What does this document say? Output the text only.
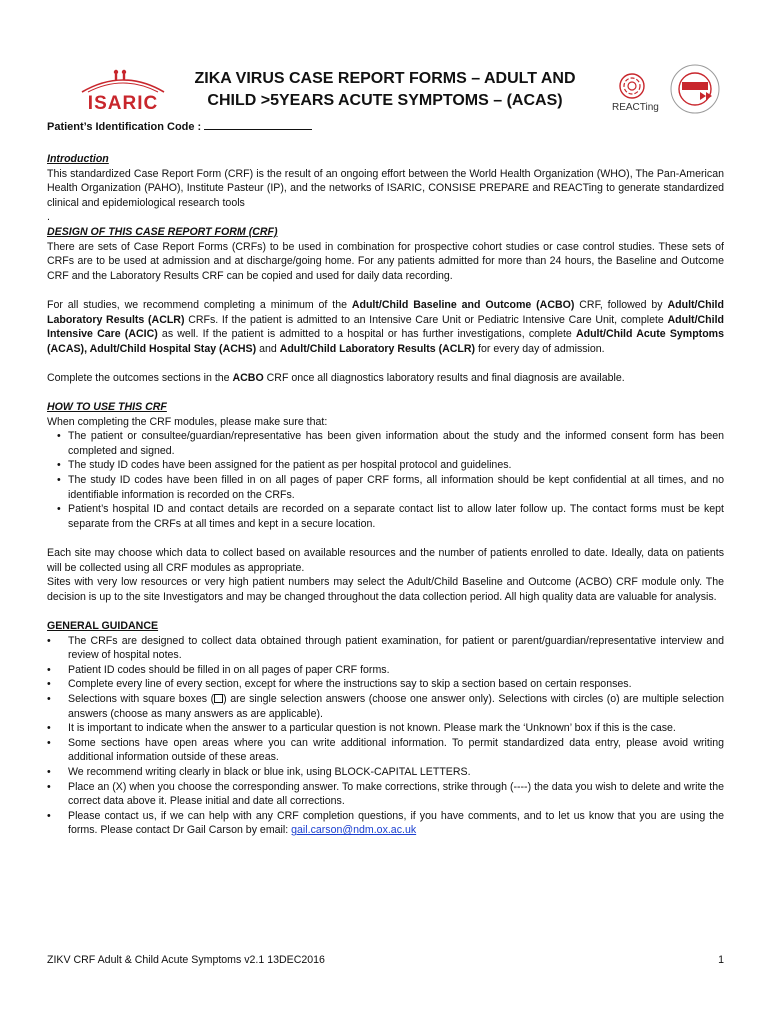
ISARIC
ZIKA VIRUS CASE REPORT FORMS – ADULT AND
CHILD >5YEARS ACUTE SYMPTOMS – (ACAS)	REACTing
Patient’s Identification Code :
Introduction

This standardized Case Report Form (CRF) is the result of an ongoing effort between the World Health Organization (WHO), The Pan-American Health Organization (PAHO), Institute Pasteur (IP), and the networks of ISARIC, CONSISE PREPARE and REACTing to generate standardized clinical and epidemiological research tools

.
DESIGN OF THIS CASE REPORT FORM (CRF)

There are sets of Case Report Forms (CRFs) to be used in combination for prospective cohort studies or case control studies. These sets of CRFs are to be used at admission and at discharge/going home. For any patients admitted for more than 24 hours, the Baseline and Outcome CRF and the Laboratory Results CRF can be copied and used for daily data recording.

For all studies, we recommend completing a minimum of the Adult/Child Baseline and Outcome (ACBO) CRF, followed by Adult/Child Laboratory Results (ACLR) CRFs. If the patient is admitted to an Intensive Care Unit or Pediatric Intensive Care Unit, complete Adult/Child Intensive Care (ACIC) as well. If the patient is admitted to a hospital or has further investigations, complete Adult/Child Acute Symptoms (ACAS), Adult/Child Hospital Stay (ACHS) and Adult/Child Laboratory Results (ACLR) for every day of admission.

Complete the outcomes sections in the ACBO CRF once all diagnostics laboratory results and final diagnosis are available.

HOW TO USE THIS CRF
When completing the CRF modules, please make sure that:
• The patient or consultee/guardian/representative has been given information about the study and the informed consent form has been completed and signed.
• The study ID codes have been assigned for the patient as per hospital protocol and guidelines.
• The study ID codes have been filled in on all pages of paper CRF forms, all information should be kept confidential at all times, and no identifiable information is recorded on the CRFs.
• Patient’s hospital ID and contact details are recorded on a separate contact list to allow later follow up. The contact forms must be kept separate from the CRFs at all times and kept in a secure location.

Each site may choose which data to collect based on available resources and the number of patients enrolled to date. Ideally, data on patients will be collected using all CRF modules as appropriate.

Sites with very low resources or very high patient numbers may select the Adult/Child Baseline and Outcome (ACBO) CRF module only. The decision is up to the site Investigators and may be changed throughout the data collection period. All high quality data are valuable for analysis.

GENERAL GUIDANCE
• The CRFs are designed to collect data obtained through patient examination, for patient or parent/guardian/representative interview and review of hospital notes.
• Patient ID codes should be filled in on all pages of paper CRF forms.
• Complete every line of every section, except for where the instructions say to skip a section based on certain responses.
• Selections with square boxes ( ) are single selection answers (choose one answer only). Selections with circles (o) are multiple selection answers (choose as many answers as are applicable).
• It is important to indicate when the answer to a particular question is not known. Please mark the ‘Unknown’ box if this is the case.
• Some sections have open areas where you can write additional information. To permit standardized data entry, please avoid writing additional information outside of these areas.
• We recommend writing clearly in black or blue ink, using BLOCK-CAPITAL LETTERS.
• Place an (X) when you choose the corresponding answer. To make corrections, strike through (----) the data you wish to delete and write the correct data above it. Please initial and date all corrections.
• Please contact us, if we can help with any CRF completion questions, if you have comments, and to let us know that you are using the forms. Please contact Dr Gail Carson by email: gail.carson@ndm.ox.ac.uk
ZIKV CRF Adult & Child Acute Symptoms v2.1 13DEC2016	1
